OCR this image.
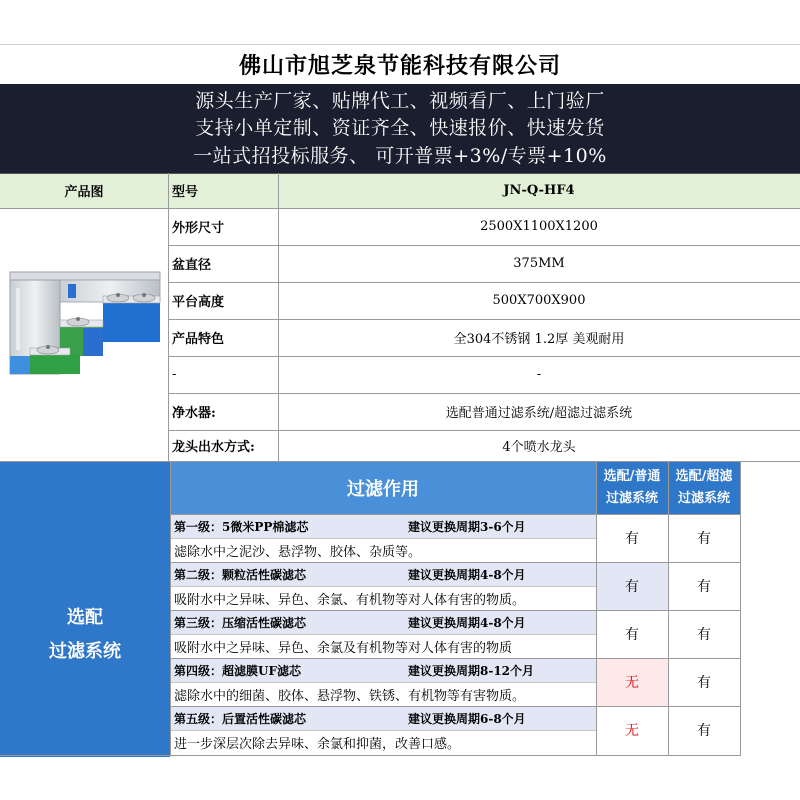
佛山市旭芝泉节能科技有限公司
源头生产厂家、贴牌代工、视频看厂、上门验厂
支持小单定制、资证齐全、快速报价、快速发货
一站式招投标服务、 可开普票+3%/专票+10%
产品图	型号	JN-Q-HF4
外形尺寸	2500X1100X1200
盆直径	375MM
平台高度	500X700X900
产品特色	全304不锈钢 1.2厚 美观耐用
-	-
净水器:	选配普通过滤系统/超滤过滤系统
龙头出水方式:	4个喷水龙头
选配
过滤系统
过滤作用
选配/普通
过滤系统
选配/超滤
过滤系统
第一级：5微米PP棉滤芯	建议更换周期3-6个月
滤除水中之泥沙、悬浮物、胶体、杂质等。
有	有
第二级：颗粒活性碳滤芯	建议更换周期4-8个月
吸附水中之异味、异色、余氯、有机物等对人体有害的物质。
有	有
第三级：压缩活性碳滤芯	建议更换周期4-8个月
吸附水中之异味、异色、余氯及有机物等对人体有害的物质
有	有
第四级：超滤膜UF滤芯	建议更换周期8-12个月
滤除水中的细菌、胶体、悬浮物、铁锈、有机物等有害物质。
无	有
第五级：后置活性碳滤芯	建议更换周期6-8个月
进一步深层次除去异味、余氯和抑菌，改善口感。
无	有
